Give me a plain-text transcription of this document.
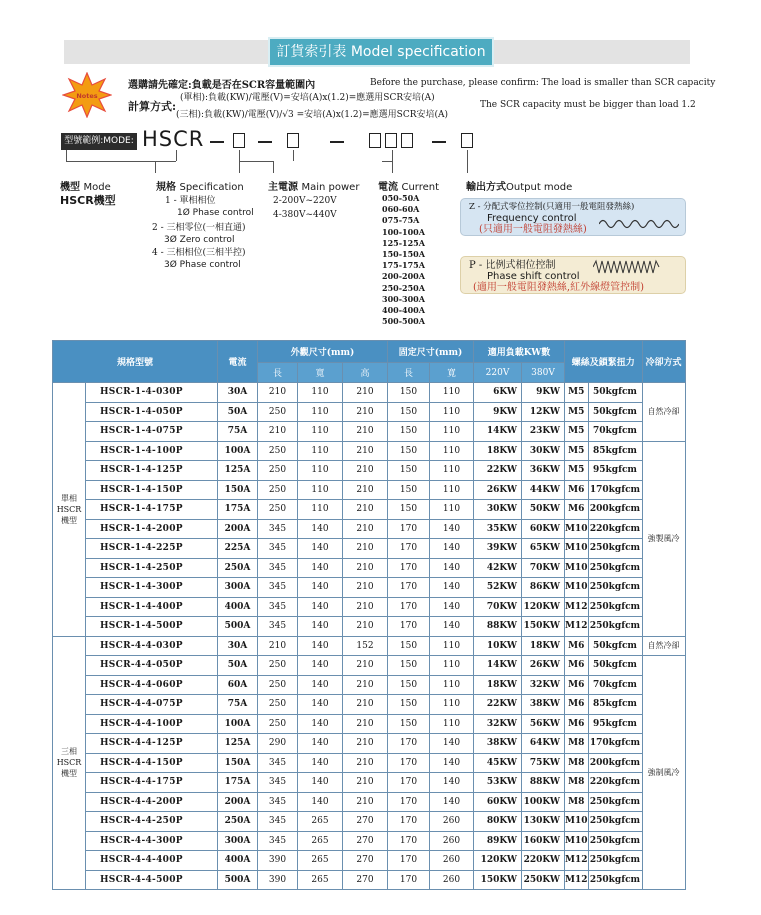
訂貨索引表 Model specification
Notes
選購請先確定:負載是否在SCR容量範圍內	Before the purchase, please confirm: The load is smaller than SCR capacity
計算方式:
(單相):負載(KW)/電壓(V)=安培(A)x(1.2)=應選用SCR安培(A)
(三相):負載(KW)/電壓(V)/√3 =安培(A)x(1.2)=應選用SCR安培(A)
The SCR capacity must be bigger than load 1.2
型號範例:MODE: HSCR
機型 Mode
HSCR機型
規格 Specification
1 - 單相相位
1Ø Phase control
2 - 三相零位(一相直通)
3Ø Zero control
4 - 三相相位(三相半控)
3Ø Phase control
主電源 Main power
2-200V~220V
4-380V~440V
電流 Current
050-50A
060-60A
075-75A
100-100A
125-125A
150-150A
175-175A
200-200A
250-250A
300-300A
400-400A
500-500A
輸出方式Output mode
Z - 分配式零位控制(只適用一般電阻發熱絲)
Frequency control
(只適用一般電阻發熱絲)
P - 比例式相位控制
Phase shift control
(適用一般電阻發熱絲,紅外線燈管控制)
規格型號		電流	外觀尺寸(mm)			固定尺寸(mm)		適用負載KW數		螺絲及鎖緊扭力		冷卻方式
			長	寬	高	長	寬	220V	380V			
單相 HSCR 機型	HSCR-1-4-030P	30A	210	110	210	150	110	6KW	9KW	M5	50kgfcm	自然冷卻
	HSCR-1-4-050P	50A	250	110	210	150	110	9KW	12KW	M5	50kgfcm	
	HSCR-1-4-075P	75A	210	110	210	150	110	14KW	23KW	M5	70kgfcm	
	HSCR-1-4-100P	100A	250	110	210	150	110	18KW	30KW	M5	85kgfcm	強製風冷
	HSCR-1-4-125P	125A	250	110	210	150	110	22KW	36KW	M5	95kgfcm	
	HSCR-1-4-150P	150A	250	110	210	150	110	26KW	44KW	M6	170kgfcm	
	HSCR-1-4-175P	175A	250	110	210	150	110	30KW	50KW	M6	200kgfcm	
	HSCR-1-4-200P	200A	345	140	210	170	140	35KW	60KW	M10	220kgfcm	
	HSCR-1-4-225P	225A	345	140	210	170	140	39KW	65KW	M10	250kgfcm	
	HSCR-1-4-250P	250A	345	140	210	170	140	42KW	70KW	M10	250kgfcm	
	HSCR-1-4-300P	300A	345	140	210	170	140	52KW	86KW	M10	250kgfcm	
	HSCR-1-4-400P	400A	345	140	210	170	140	70KW	120KW	M12	250kgfcm	
	HSCR-1-4-500P	500A	345	140	210	170	140	88KW	150KW	M12	250kgfcm	
三相 HSCR 機型	HSCR-4-4-030P	30A	210	140	152	150	110	10KW	18KW	M6	50kgfcm	自然冷卻
	HSCR-4-4-050P	50A	250	140	210	150	110	14KW	26KW	M6	50kgfcm	強制風冷
	HSCR-4-4-060P	60A	250	140	210	150	110	18KW	32KW	M6	70kgfcm	
	HSCR-4-4-075P	75A	250	140	210	150	110	22KW	38KW	M6	85kgfcm	
	HSCR-4-4-100P	100A	250	140	210	150	110	32KW	56KW	M6	95kgfcm	
	HSCR-4-4-125P	125A	290	140	210	170	140	38KW	64KW	M8	170kgfcm	
	HSCR-4-4-150P	150A	345	140	210	170	140	45KW	75KW	M8	200kgfcm	
	HSCR-4-4-175P	175A	345	140	210	170	140	53KW	88KW	M8	220kgfcm	
	HSCR-4-4-200P	200A	345	140	210	170	140	60KW	100KW	M8	250kgfcm	
	HSCR-4-4-250P	250A	345	265	270	170	260	80KW	130KW	M10	250kgfcm	
	HSCR-4-4-300P	300A	345	265	270	170	260	89KW	160KW	M10	250kgfcm	
	HSCR-4-4-400P	400A	390	265	270	170	260	120KW	220KW	M12	250kgfcm	
	HSCR-4-4-500P	500A	390	265	270	170	260	150KW	250KW	M12	250kgfcm	
